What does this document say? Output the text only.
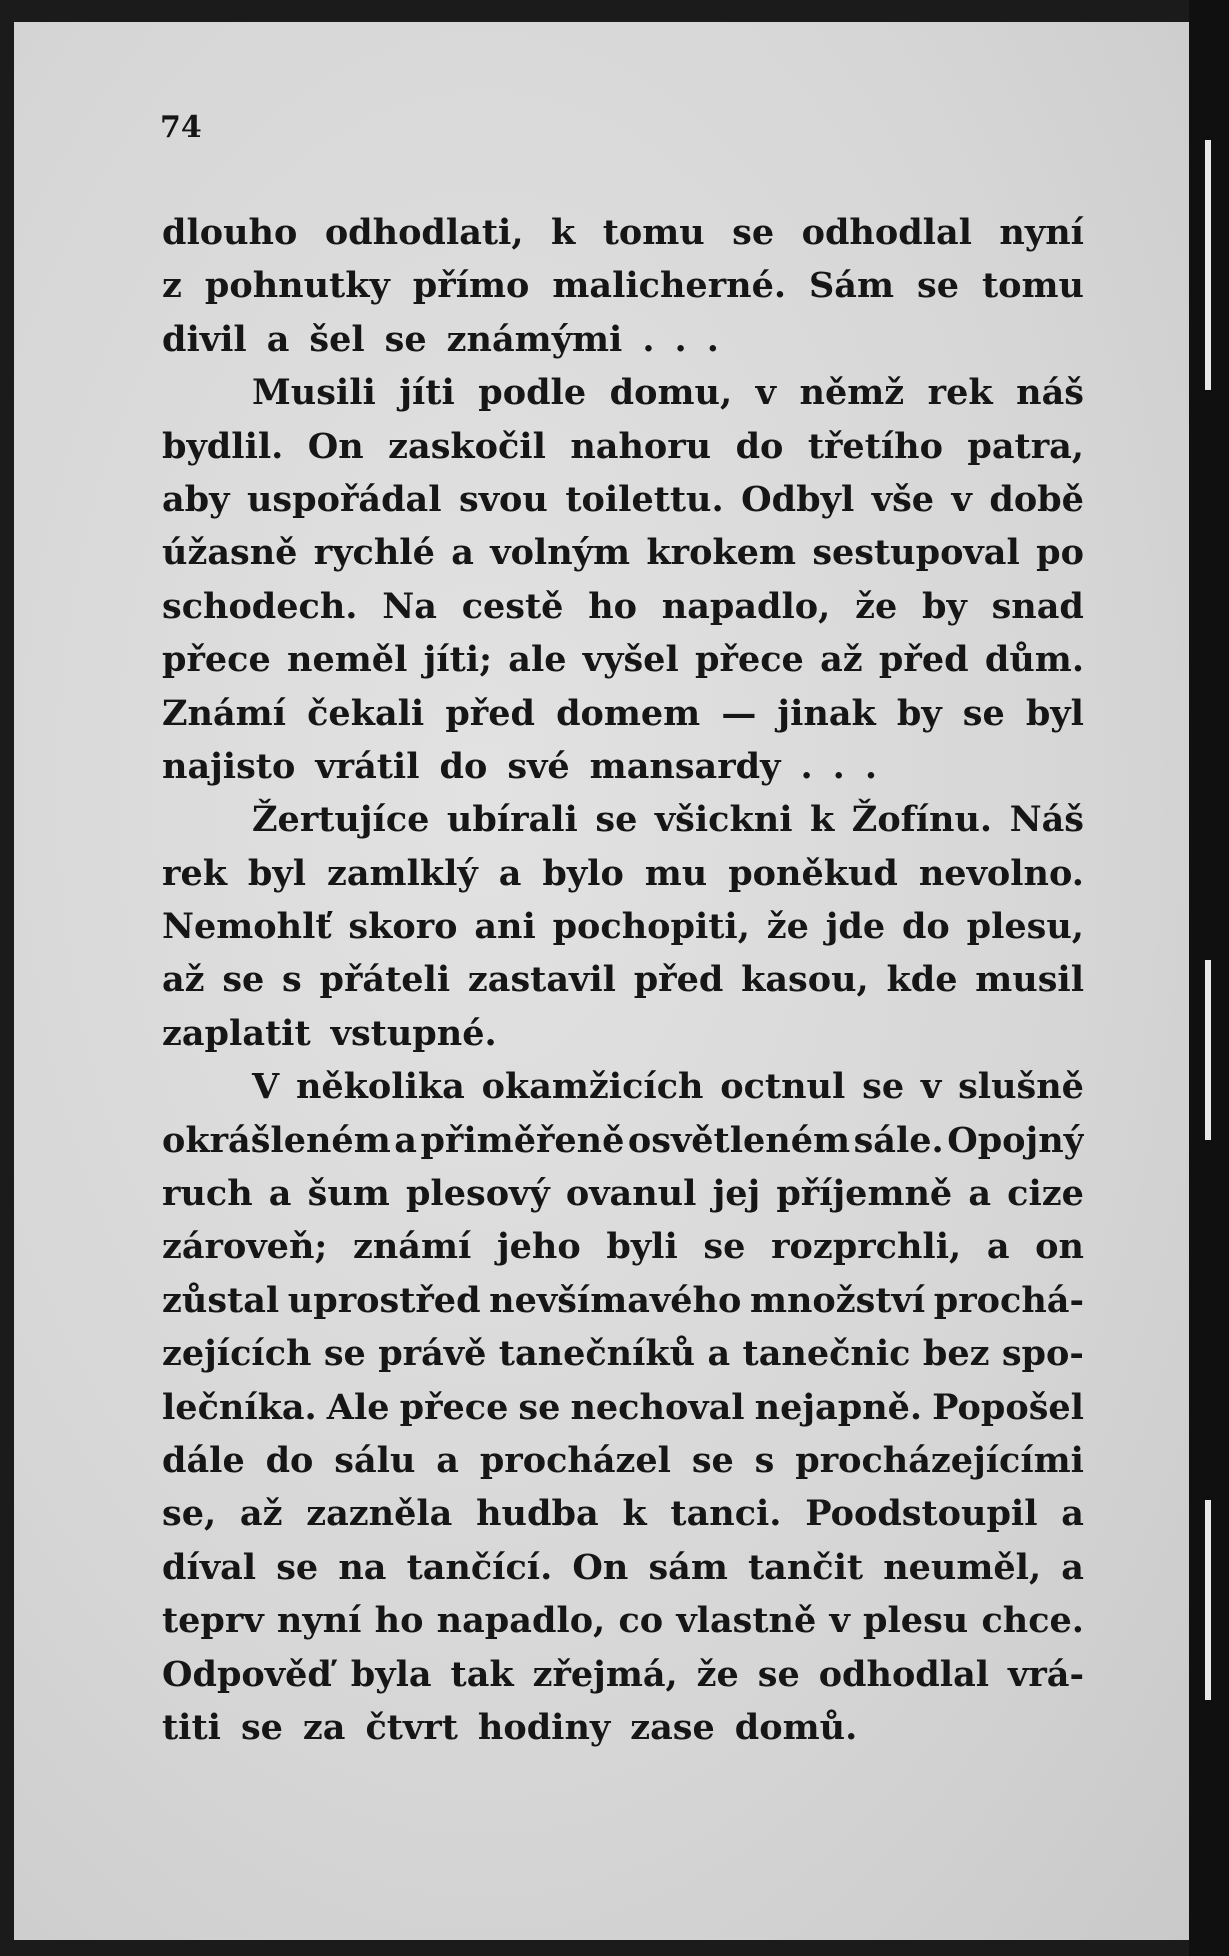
74

dlouho odhodlati, k tomu se odhodlal nyní
z pohnutky přímo malicherné. Sám se tomu
divil a šel se známými . . .
Musili jíti podle domu, v němž rek náš
bydlil. On zaskočil nahoru do třetího patra,
aby uspořádal svou toilettu. Odbyl vše v době
úžasně rychlé a volným krokem sestupoval po
schodech. Na cestě ho napadlo, že by snad
přece neměl jíti; ale vyšel přece až před dům.
Známí čekali před domem — jinak by se byl
najisto vrátil do své mansardy . . .
Žertujíce ubírali se všickni k Žofínu. Náš
rek byl zamlklý a bylo mu poněkud nevolno.
Nemohlť skoro ani pochopiti, že jde do plesu,
až se s přáteli zastavil před kasou, kde musil
zaplatit vstupné.
V několika okamžicích octnul se v slušně
okrášleném a přiměřeně osvětleném sále. Opojný
ruch a šum plesový ovanul jej příjemně a cize
zároveň; známí jeho byli se rozprchli, a on
zůstal uprostřed nevšímavého množství prochá-
zejících se právě tanečníků a tanečnic bez spo-
lečníka. Ale přece se nechoval nejapně. Popošel
dále do sálu a procházel se s procházejícími
se, až zazněla hudba k tanci. Poodstoupil a
díval se na tančící. On sám tančit neuměl, a
teprv nyní ho napadlo, co vlastně v plesu chce.
Odpověď byla tak zřejmá, že se odhodlal vrá-
titi se za čtvrt hodiny zase domů.
